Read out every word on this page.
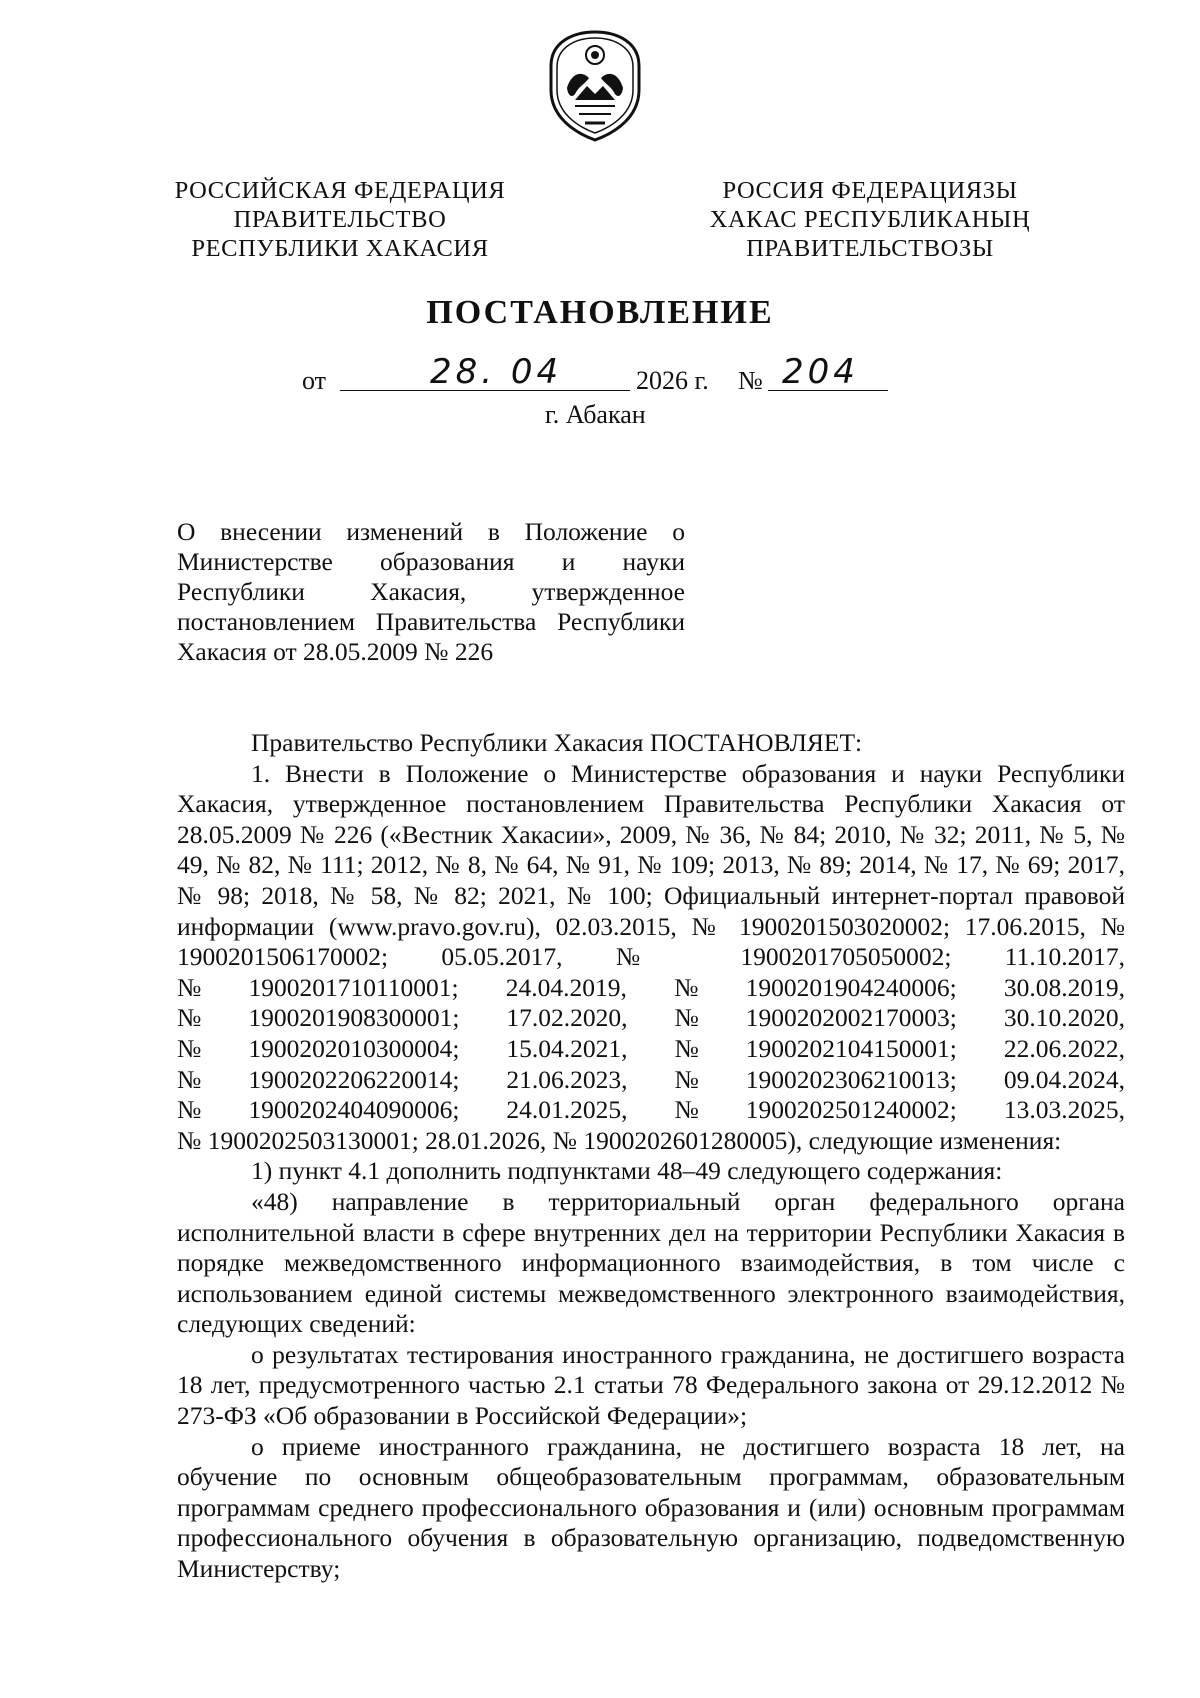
РОССИЙСКАЯ ФЕДЕРАЦИЯ
ПРАВИТЕЛЬСТВО
РЕСПУБЛИКИ ХАКАСИЯ
РОССИЯ ФЕДЕРАЦИЯЗЫ
ХАКАС РЕСПУБЛИКАНЫҢ
ПРАВИТЕЛЬСТВОЗЫ
ПОСТАНОВЛЕНИЕ
от	28. 04	2026 г. № 204
г. Абакан
О внесении изменений в Положение о Министерстве образования и науки Республики Хакасия, утвержденное постановлением Правительства Республики Хакасия от 28.05.2009 № 226

Правительство Республики Хакасия ПОСТАНОВЛЯЕТ:

1. Внести в Положение о Министерстве образования и науки Республики Хакасия, утвержденное постановлением Правительства Республики Хакасия от 28.05.2009 № 226 («Вестник Хакасии», 2009, № 36, № 84; 2010, № 32; 2011, № 5, № 49, № 82, № 111; 2012, № 8, № 64, № 91, № 109; 2013, № 89; 2014, № 17, № 69; 2017, № 98; 2018, № 58, № 82; 2021, № 100; Официальный интернет-портал правовой информации (www.pravo.gov.ru), 02.03.2015, № 1900201503020002; 17.06.2015, № 1900201506170002; 05.05.2017, № 1900201705050002; 11.10.2017,

№ 1900201710110001; 24.04.2019, № 1900201904240006; 30.08.2019,
№ 1900201908300001; 17.02.2020, № 1900202002170003; 30.10.2020,
№ 1900202010300004; 15.04.2021, № 1900202104150001; 22.06.2022,
№ 1900202206220014; 21.06.2023, № 1900202306210013; 09.04.2024,
№ 1900202404090006; 24.01.2025, № 1900202501240002; 13.03.2025,

№ 1900202503130001; 28.01.2026, № 1900202601280005), следующие изменения:

1) пункт 4.1 дополнить подпунктами 48–49 следующего содержания:

«48) направление в территориальный орган федерального органа исполнительной власти в сфере внутренних дел на территории Республики Хакасия в порядке межведомственного информационного взаимодействия, в том числе с использованием единой системы межведомственного электронного взаимодействия, следующих сведений:

о результатах тестирования иностранного гражданина, не достигшего возраста 18 лет, предусмотренного частью 2.1 статьи 78 Федерального закона от 29.12.2012 № 273-ФЗ «Об образовании в Российской Федерации»;

о приеме иностранного гражданина, не достигшего возраста 18 лет, на обучение по основным общеобразовательным программам, образовательным программам среднего профессионального образования и (или) основным программам профессионального обучения в образовательную организацию, подведомственную Министерству;
